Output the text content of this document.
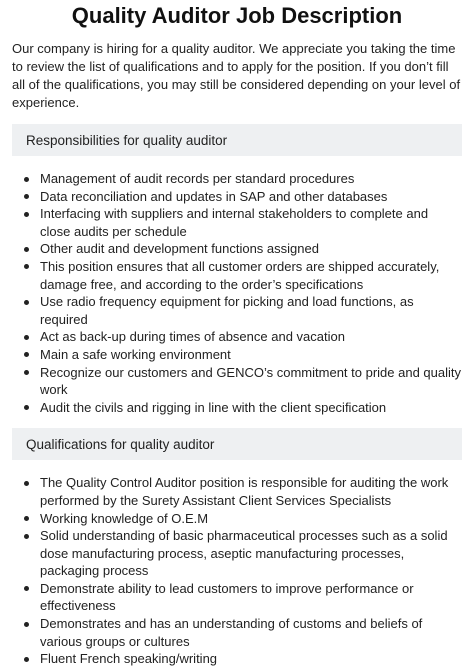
Quality Auditor Job Description

Our company is hiring for a quality auditor. We appreciate you taking the time to review the list of qualifications and to apply for the position. If you don’t fill all of the qualifications, you may still be considered depending on your level of experience.

Responsibilities for quality auditor
Management of audit records per standard procedures
Data reconciliation and updates in SAP and other databases
Interfacing with suppliers and internal stakeholders to complete and close audits per schedule
Other audit and development functions assigned
This position ensures that all customer orders are shipped accurately, damage free, and according to the order’s specifications
Use radio frequency equipment for picking and load functions, as required
Act as back-up during times of absence and vacation
Main a safe working environment
Recognize our customers and GENCO’s commitment to pride and quality work
Audit the civils and rigging in line with the client specification
Qualifications for quality auditor
The Quality Control Auditor position is responsible for auditing the work performed by the Surety Assistant Client Services Specialists
Working knowledge of O.E.M
Solid understanding of basic pharmaceutical processes such as a solid dose manufacturing process, aseptic manufacturing processes, packaging process
Demonstrate ability to lead customers to improve performance or effectiveness
Demonstrates and has an understanding of customs and beliefs of various groups or cultures
Fluent French speaking/writing
